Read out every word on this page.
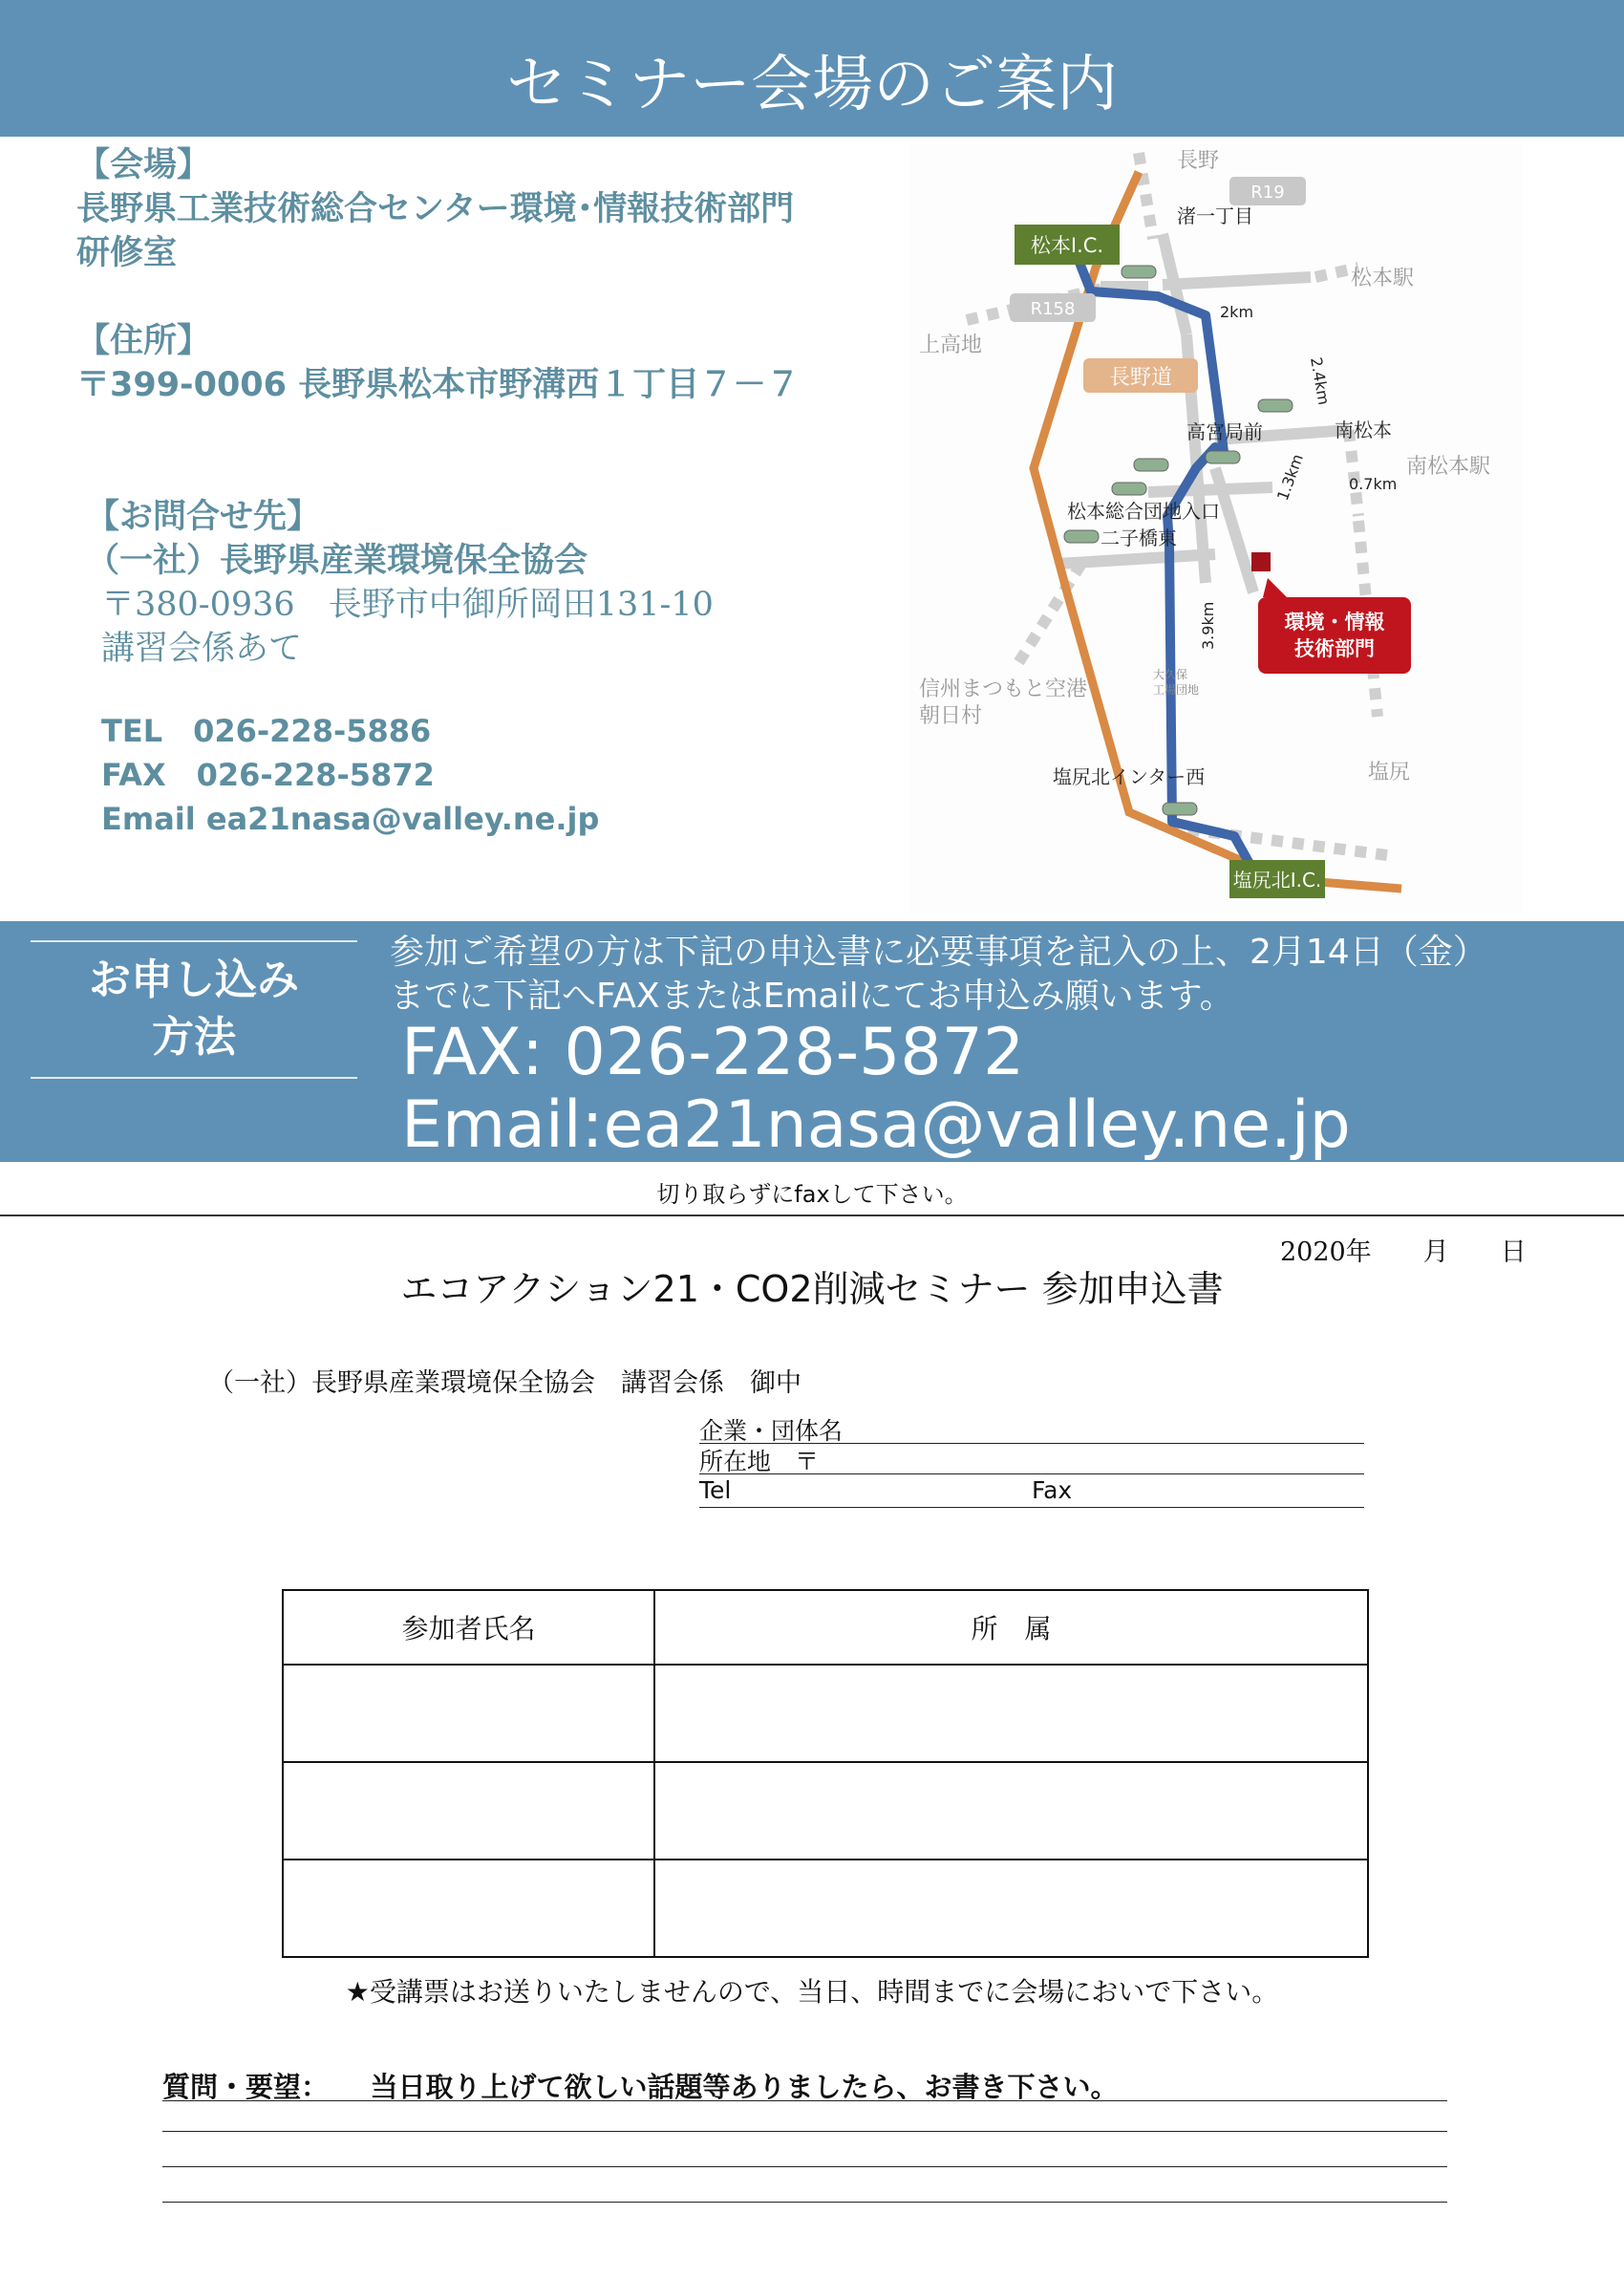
セミナー会場のご案内
【会場】
長野県工業技術総合センター環境･情報技術部門
研修室
【住所】
〒399-0006 長野県松本市野溝西１丁目７－７
【お問合せ先】
（一社）長野県産業環境保全協会
〒380-0936　長野市中御所岡田131-10
講習会係あて
TEL　026-228-5886
FAX　026-228-5872
Email ea21nasa@valley.ne.jp
長野道
松本I.C.
塩尻北I.C.
R19
R158
環境・情報
技術部門
渚一丁目
2km
高宮局前	南松本
0.7km
松本総合団地入口
二子橋東
塩尻北インター西
2.4km
1.3km
3.9km
長野
松本駅
上高地
南松本駅
信州まつもと空港
朝日村
塩尻
大久保
工場団地
お申し込み
方法
参加ご希望の方は下記の申込書に必要事項を記入の上、2月14日（金）
までに下記へFAXまたはEmailにてお申込み願います。
FAX: 026-228-5872
Email:ea21nasa@valley.ne.jp
切り取らずにfaxして下さい。
2020年　　月　　日
エコアクション21・CO2削減セミナー 参加申込書
（一社）長野県産業環境保全協会　講習会係　御中
企業・団体名
所在地　〒
Tel	Fax
参加者氏名	所　属

★受講票はお送りいたしませんので、当日、時間までに会場においで下さい。
質問・要望：　　当日取り上げて欲しい話題等ありましたら、お書き下さい。
